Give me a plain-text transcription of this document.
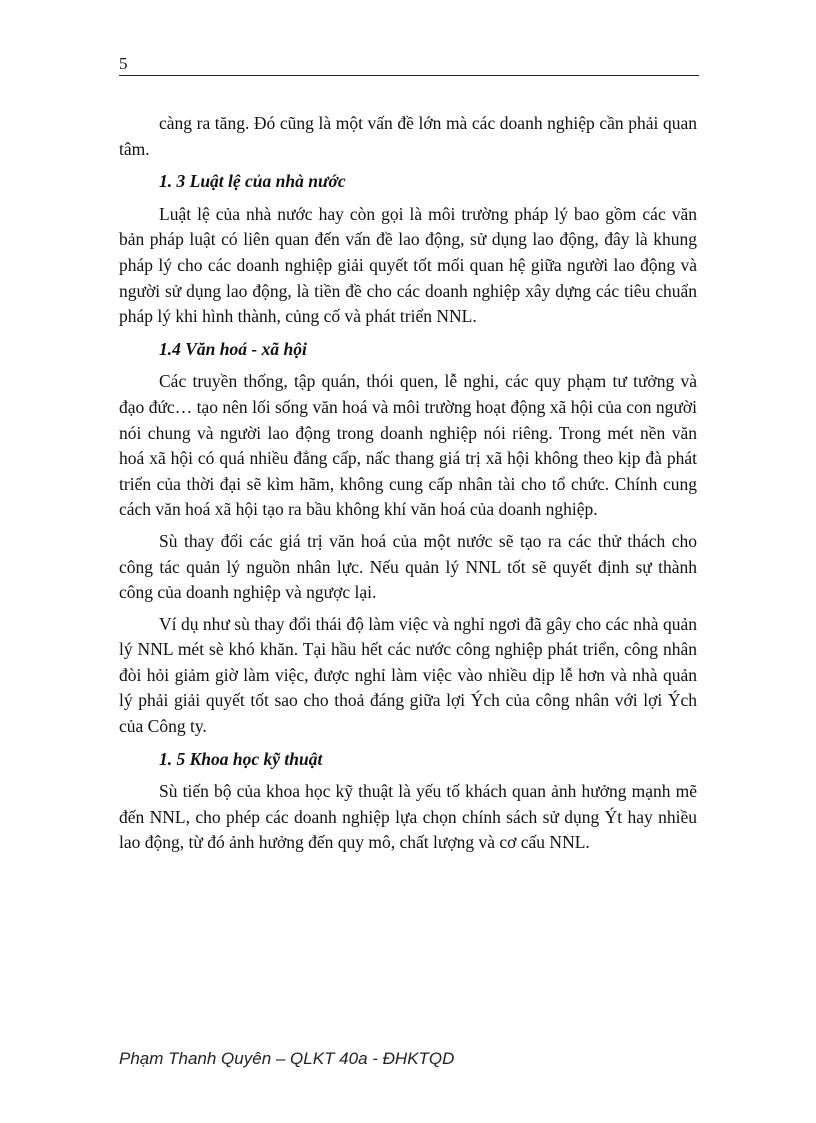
5

càng ra tăng. Đó cũng là một vấn đề lớn mà các doanh nghiệp cần phải quan tâm.

1. 3 Luật lệ của nhà nước

Luật lệ của nhà nước hay còn gọi là môi trường pháp lý bao gồm các văn bản pháp luật có liên quan đến vấn đề lao động, sử dụng lao động, đây là khung pháp lý cho các doanh nghiệp giải quyết tốt mối quan hệ giữa người lao động và người sử dụng lao động, là tiền đề cho các doanh nghiệp xây dựng các tiêu chuẩn pháp lý khi hình thành, củng cố và phát triển NNL.

1.4 Văn hoá - xã hội

Các truyền thống, tập quán, thói quen, lễ nghi, các quy phạm tư tưởng và đạo đức… tạo nên lối sống văn hoá và môi trường hoạt động xã hội của con người nói chung và người lao động trong doanh nghiệp nói riêng. Trong mét nền văn hoá xã hội có quá nhiều đẳng cấp, nấc thang giá trị xã hội không theo kịp đà phát triển của thời đại sẽ kìm hãm, không cung cấp nhân tài cho tổ chức. Chính cung cách văn hoá xã hội tạo ra bầu không khí văn hoá của doanh nghiệp.

Sù thay đổi các giá trị văn hoá của một nước sẽ tạo ra các thử thách cho công tác quản lý nguồn nhân lực. Nếu quản lý NNL tốt sẽ quyết định sự thành công của doanh nghiệp và ngược lại.

Ví dụ như sù thay đổi thái độ làm việc và nghỉ ngơi đã gây cho các nhà quản lý NNL mét sè khó khăn. Tại hầu hết các nước công nghiệp phát triển, công nhân đòi hỏi giảm giờ làm việc, được nghỉ làm việc vào nhiều dịp lễ hơn và nhà quản lý phải giải quyết tốt sao cho thoả đáng giữa lợi Ých của công nhân với lợi Ých của Công ty.

1. 5 Khoa học kỹ thuật

Sù tiến bộ của khoa học kỹ thuật là yếu tố khách quan ảnh hưởng mạnh mẽ đến NNL, cho phép các doanh nghiệp lựa chọn chính sách sử dụng Ýt hay nhiều lao động, từ đó ảnh hưởng đến quy mô, chất lượng và cơ cấu NNL.

Phạm Thanh Quyên – QLKT 40a - ĐHKTQD
